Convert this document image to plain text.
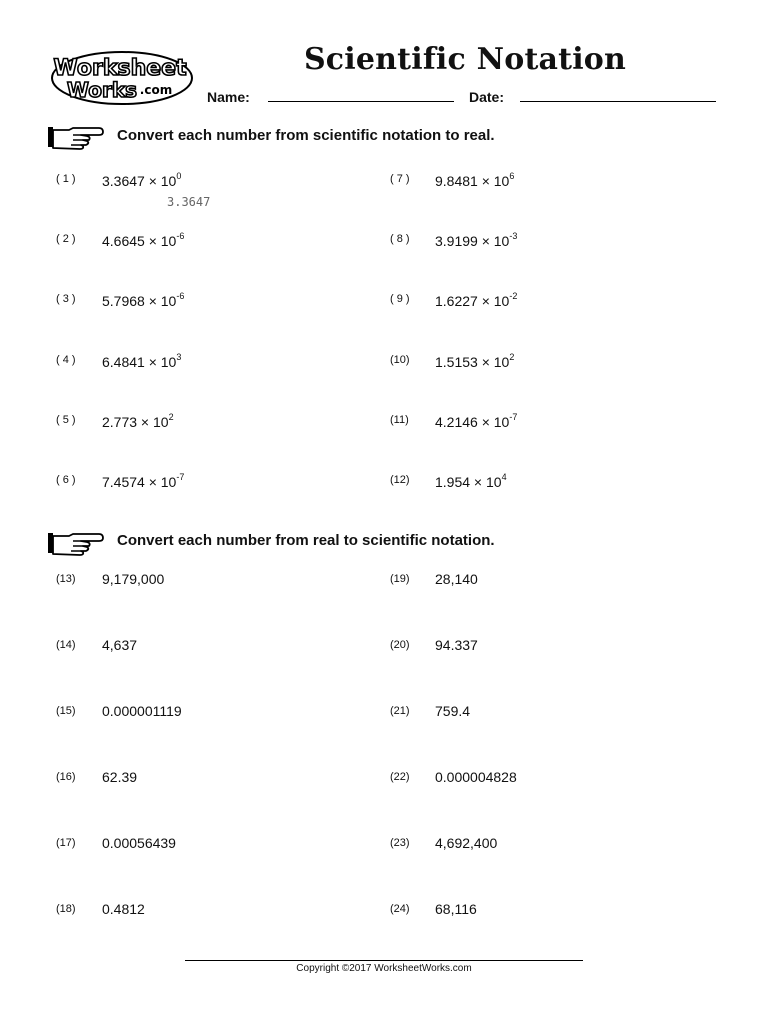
Worksheet
Works .com
Scientific Notation
Name:	Date:
Convert each number from scientific notation to real.
( 1 ) $3.3647 \times 10^0$
( 2 ) $4.6645 \times 10^{-6}$
( 3 ) $5.7968 \times 10^{-6}$
( 4 ) $6.4841 \times 10^3$
( 5 ) $2.773 \times 10^2$
( 6 ) $7.4574 \times 10^{-7}$
( 7 ) $9.8481 \times 10^6$
( 8 ) $3.9199 \times 10^{-3}$
( 9 ) $1.6227 \times 10^{-2}$
(10) $1.5153 \times 10^2$
(11) $4.2146 \times 10^{-7}$
(12) $1.954 \times 10^4$
3.3647
Convert each number from real to scientific notation.
(13) 9,179,000
(14) 4,637
(15) 0.000001119
(16) 62.39
(17) 0.00056439
(18) 0.4812
(19) 28,140
(20) 94.337
(21) 759.4
(22) 0.000004828
(23) 4,692,400
(24) 68,116
Copyright ©2017 WorksheetWorks.com
